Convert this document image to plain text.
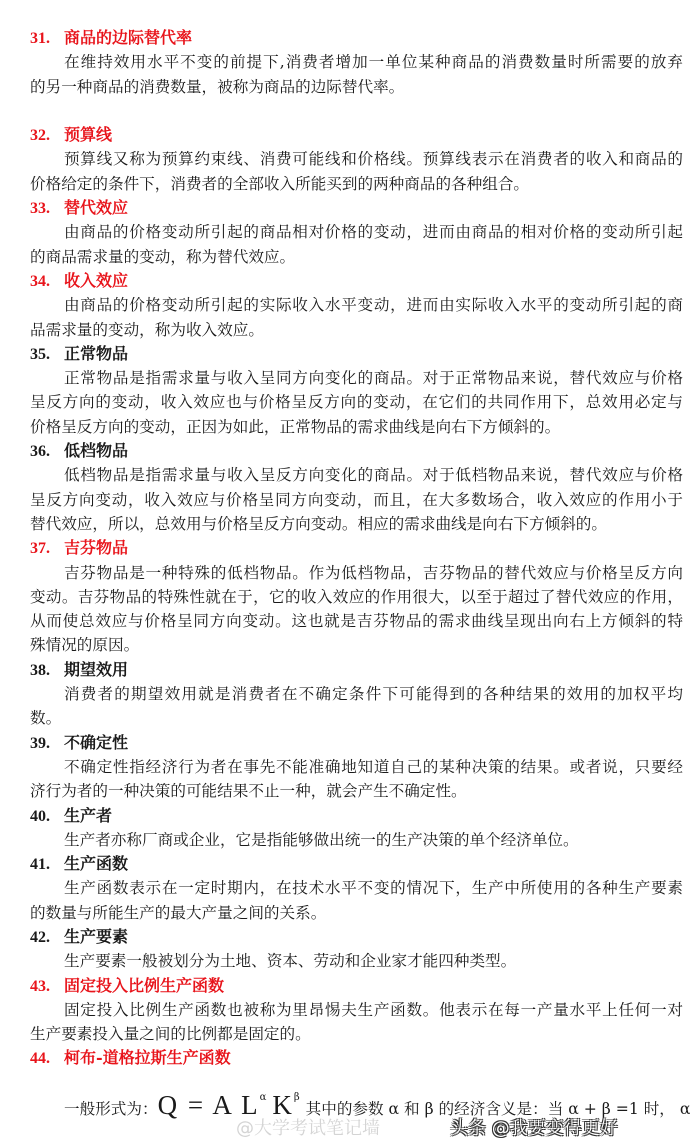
31. 商品的边际替代率
在维持效用水平不变的前提下,消费者增加一单位某种商品的消费数量时所需要的放弃
的另一种商品的消费数量，被称为商品的边际替代率。
32. 预算线
预算线又称为预算约束线、消费可能线和价格线。预算线表示在消费者的收入和商品的
价格给定的条件下，消费者的全部收入所能买到的两种商品的各种组合。
33. 替代效应
由商品的价格变动所引起的商品相对价格的变动，进而由商品的相对价格的变动所引起
的商品需求量的变动，称为替代效应。
34. 收入效应
由商品的价格变动所引起的实际收入水平变动，进而由实际收入水平的变动所引起的商
品需求量的变动，称为收入效应。
35. 正常物品
正常物品是指需求量与收入呈同方向变化的商品。对于正常物品来说，替代效应与价格
呈反方向的变动，收入效应也与价格呈反方向的变动，在它们的共同作用下，总效用必定与
价格呈反方向的变动，正因为如此，正常物品的需求曲线是向右下方倾斜的。
36. 低档物品
低档物品是指需求量与收入呈反方向变化的商品。对于低档物品来说，替代效应与价格
呈反方向变动，收入效应与价格呈同方向变动，而且，在大多数场合，收入效应的作用小于
替代效应，所以，总效用与价格呈反方向变动。相应的需求曲线是向右下方倾斜的。
37. 吉芬物品
吉芬物品是一种特殊的低档物品。作为低档物品，吉芬物品的替代效应与价格呈反方向
变动。吉芬物品的特殊性就在于，它的收入效应的作用很大，以至于超过了替代效应的作用，
从而使总效应与价格呈同方向变动。这也就是吉芬物品的需求曲线呈现出向右上方倾斜的特
殊情况的原因。
38. 期望效用
消费者的期望效用就是消费者在不确定条件下可能得到的各种结果的效用的加权平均
数。
39. 不确定性
不确定性指经济行为者在事先不能准确地知道自己的某种决策的结果。或者说，只要经
济行为者的一种决策的可能结果不止一种，就会产生不确定性。
40. 生产者
生产者亦称厂商或企业，它是指能够做出统一的生产决策的单个经济单位。
41. 生产函数
生产函数表示在一定时期内，在技术水平不变的情况下，生产中所使用的各种生产要素
的数量与所能生产的最大产量之间的关系。
42. 生产要素
生产要素一般被划分为土地、资本、劳动和企业家才能四种类型。
43. 固定投入比例生产函数
固定投入比例生产函数也被称为里昂惕夫生产函数。他表示在每一产量水平上任何一对
生产要素投入量之间的比例都是固定的。
44. 柯布-道格拉斯生产函数
一般形式为：Q = A $L^\alpha$ $K^\beta$其中的参数 α 和 β 的经济含义是：当 α + β =1 时， α
@大学考试笔记墙	头条 @我要变得更好
